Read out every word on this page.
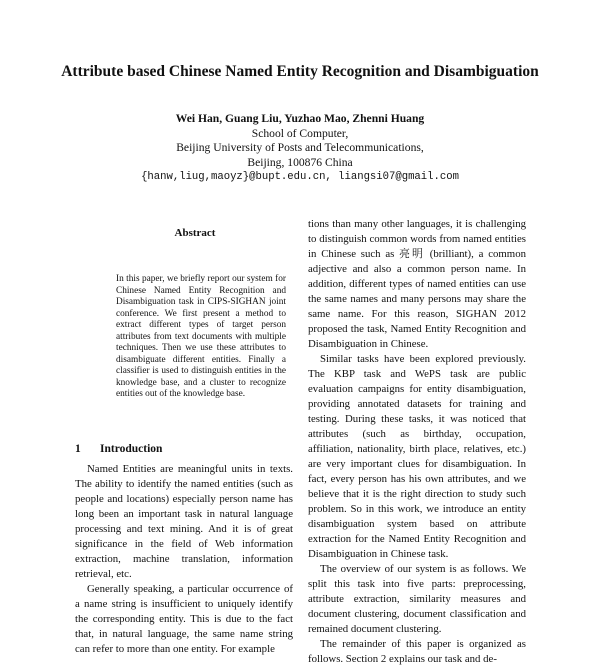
Attribute based Chinese Named Entity Recognition and Disambiguation
Wei Han, Guang Liu, Yuzhao Mao, Zhenni Huang
School of Computer,
Beijing University of Posts and Telecommunications,
Beijing, 100876 China
{hanw,liug,maoyz}@bupt.edu.cn, liangsi07@gmail.com
Abstract

In this paper, we briefly report our system for Chinese Named Entity Recognition and Disambiguation task in CIPS-SIGHAN joint conference. We first present a method to extract different types of target person attributes from text documents with multiple techniques. Then we use these attributes to disambiguate different entities. Finally a classifier is used to distinguish entities in the knowledge base, and a cluster to recognize entities out of the knowledge base.

1 Introduction

Named Entities are meaningful units in texts. The ability to identify the named entities (such as people and locations) especially person name has long been an important task in natural language processing and text mining. And it is of great significance in the field of Web information extraction, machine translation, information retrieval, etc.

Generally speaking, a particular occurrence of a name string is insufficient to uniquely identify the corresponding entity. This is due to the fact that, in natural language, the same name string can refer to more than one entity. For example

tions than many other languages, it is challenging to distinguish common words from named entities in Chinese such as 亮明 (brilliant), a common adjective and also a common person name. In addition, different types of named entities can use the same names and many persons may share the same name. For this reason, SIGHAN 2012 proposed the task, Named Entity Recognition and Disambiguation in Chinese.

Similar tasks have been explored previously. The KBP task and WePS task are public evaluation campaigns for entity disambiguation, providing annotated datasets for training and testing. During these tasks, it was noticed that attributes (such as birthday, occupation, affiliation, nationality, birth place, relatives, etc.) are very important clues for disambiguation. In fact, every person has his own attributes, and we believe that it is the right direction to study such problem. So in this work, we introduce an entity disambiguation system based on attribute extraction for the Named Entity Recognition and Disambiguation in Chinese task.

The overview of our system is as follows. We split this task into five parts: preprocessing, attribute extraction, similarity measures and document clustering, document classification and remained document clustering.

The remainder of this paper is organized as follows. Section 2 explains our task and de-
